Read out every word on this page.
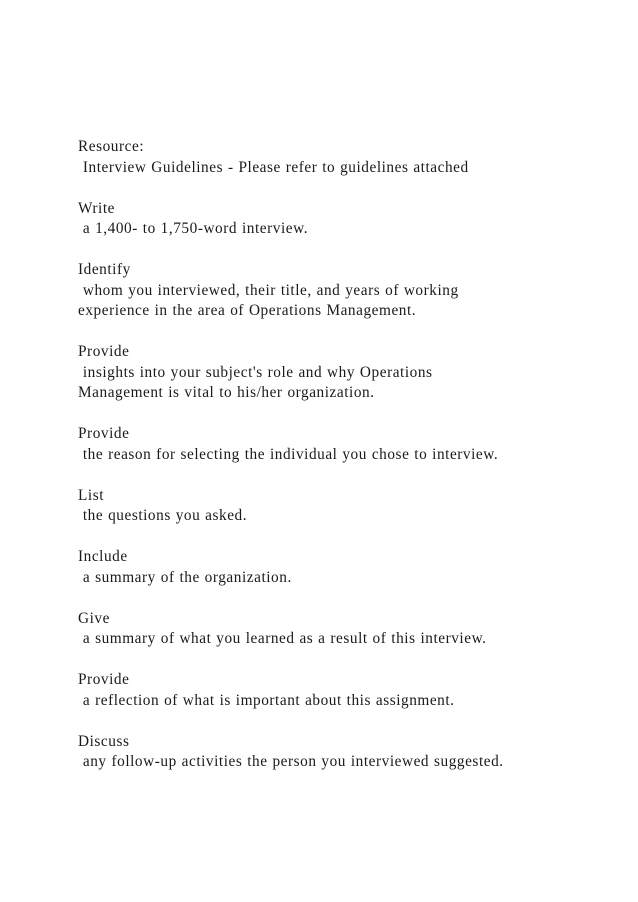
Resource:
Interview Guidelines - Please refer to guidelines attached
Write
a 1,400- to 1,750-word interview.
Identify
whom you interviewed, their title, and years of working
experience in the area of Operations Management.
Provide
insights into your subject's role and why Operations
Management is vital to his/her organization.
Provide
the reason for selecting the individual you chose to interview.
List
the questions you asked.
Include
a summary of the organization.
Give
a summary of what you learned as a result of this interview.
Provide
a reflection of what is important about this assignment.
Discuss
any follow-up activities the person you interviewed suggested.
